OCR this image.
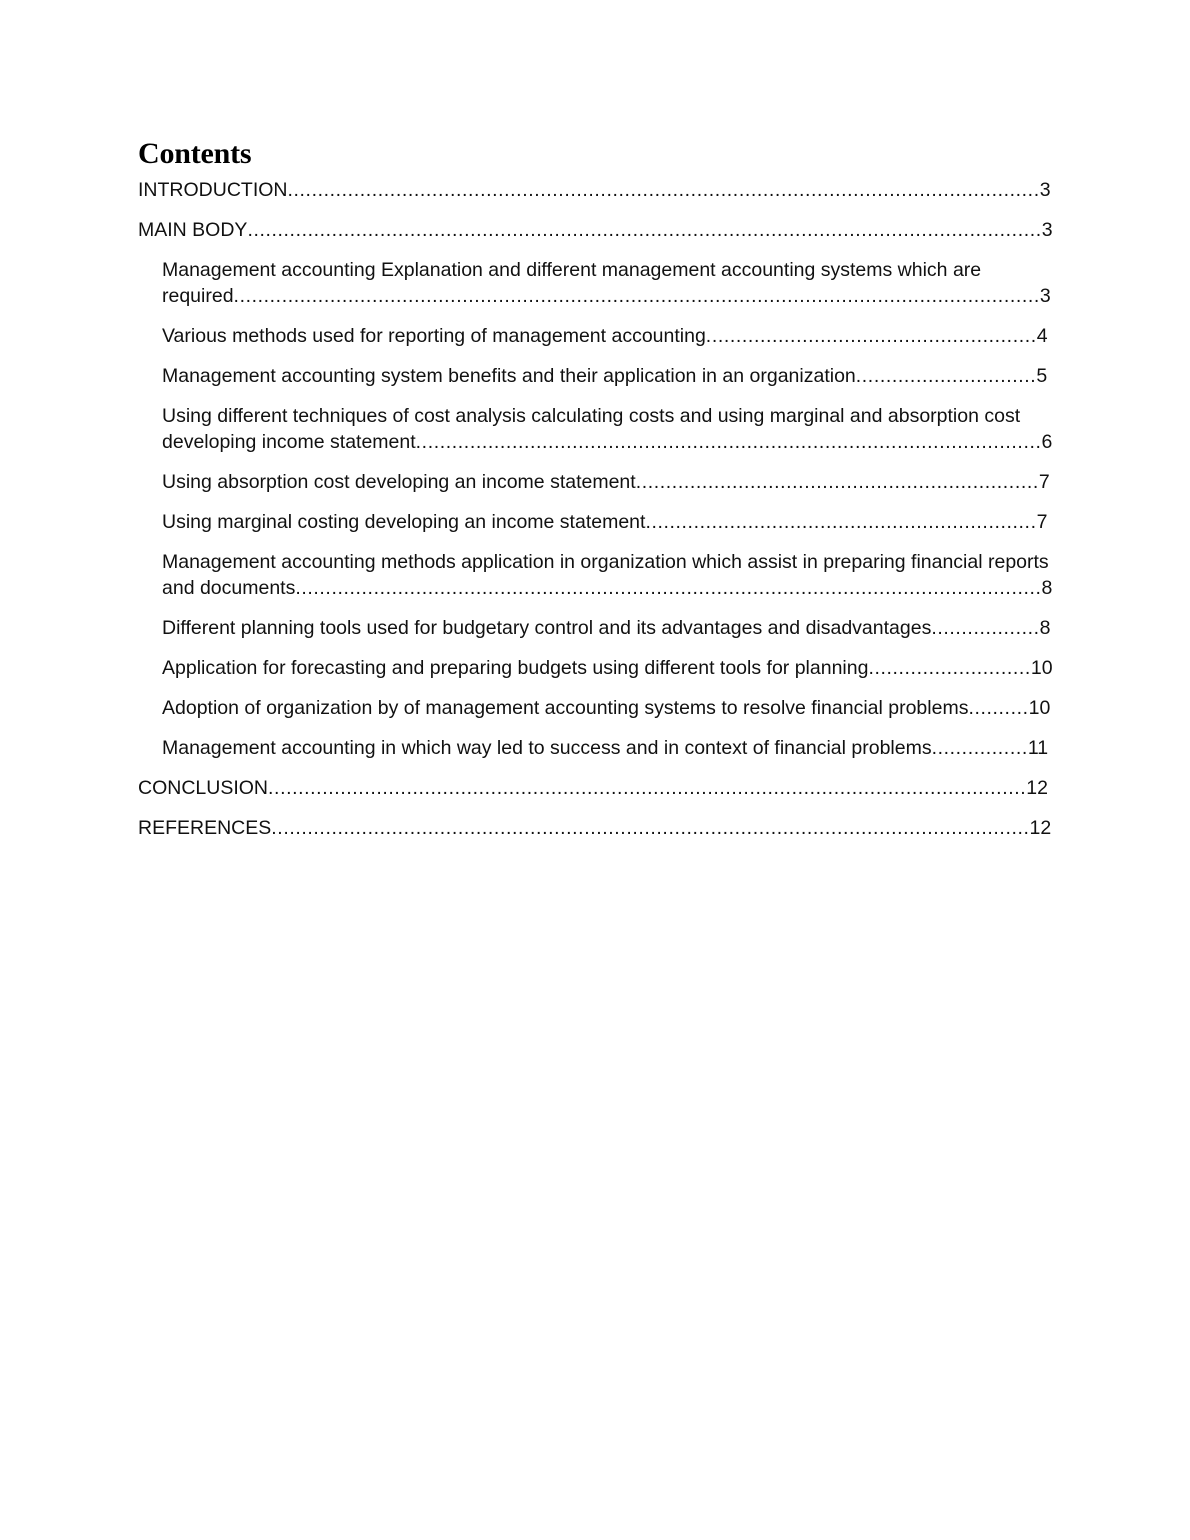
Contents
INTRODUCTION.............................................................................................................................3
MAIN BODY....................................................................................................................................3
Management accounting Explanation and different management accounting systems which are required......................................................................................................................................3
Various methods used for reporting of management accounting.......................................................4
Management accounting system benefits and their application in an organization..............................5
Using different techniques of cost analysis calculating costs and using marginal and absorption cost developing income statement........................................................................................................6
Using absorption cost developing an income statement...................................................................7
Using marginal costing developing an income statement.................................................................7
Management accounting methods application in organization which assist in preparing financial reports and documents............................................................................................................................8
Different planning tools used for budgetary control and its advantages and disadvantages..................8
Application for forecasting and preparing budgets using different tools for planning...........................10
Adoption of organization by of management accounting systems to resolve financial problems..........10
Management accounting in which way led to success and in context of financial problems................11
CONCLUSION..............................................................................................................................12
REFERENCES..............................................................................................................................12
